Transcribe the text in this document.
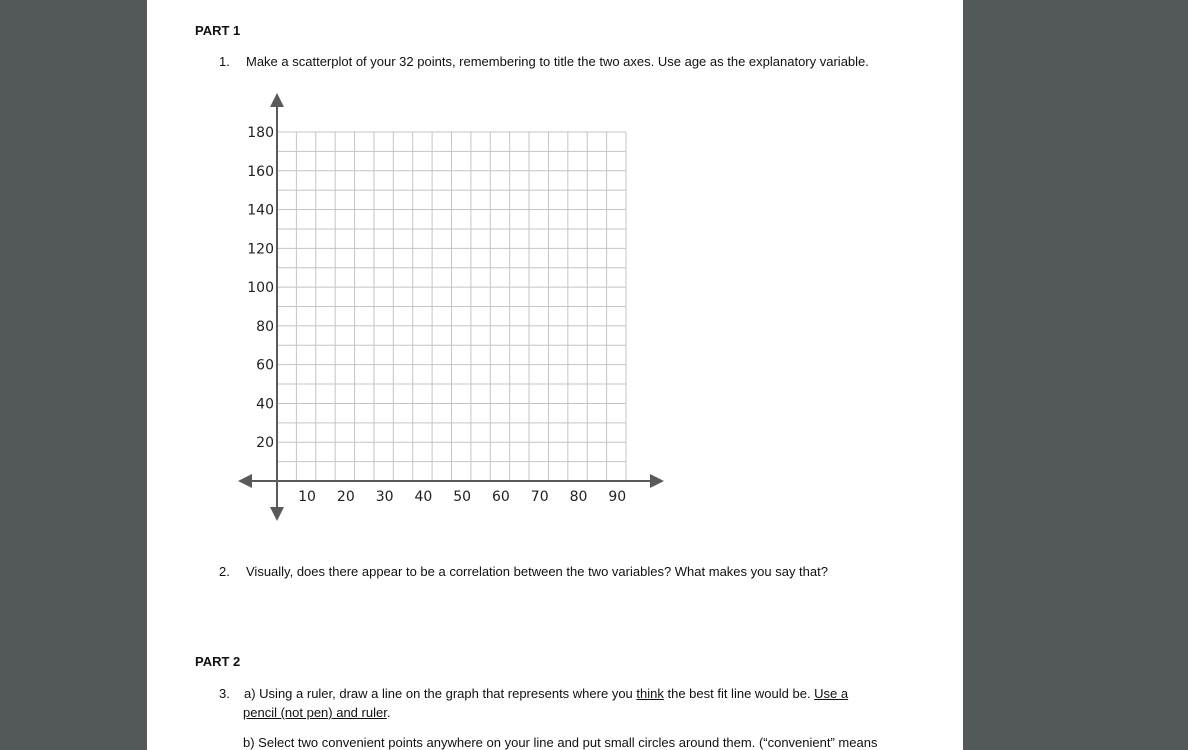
PART 1
1. Make a scatterplot of your 32 points, remembering to title the two axes. Use age as the explanatory variable.
10 20 30 40 50 60 70 80 90
20
40
60
80
100
120
140
160
180
2. Visually, does there appear to be a correlation between the two variables? What makes you say that?
PART 2
3. a) Using a ruler, draw a line on the graph that represents where you think the best fit line would be. Use a
pencil (not pen) and ruler.
b) Select two convenient points anywhere on your line and put small circles around them. (“convenient” means
